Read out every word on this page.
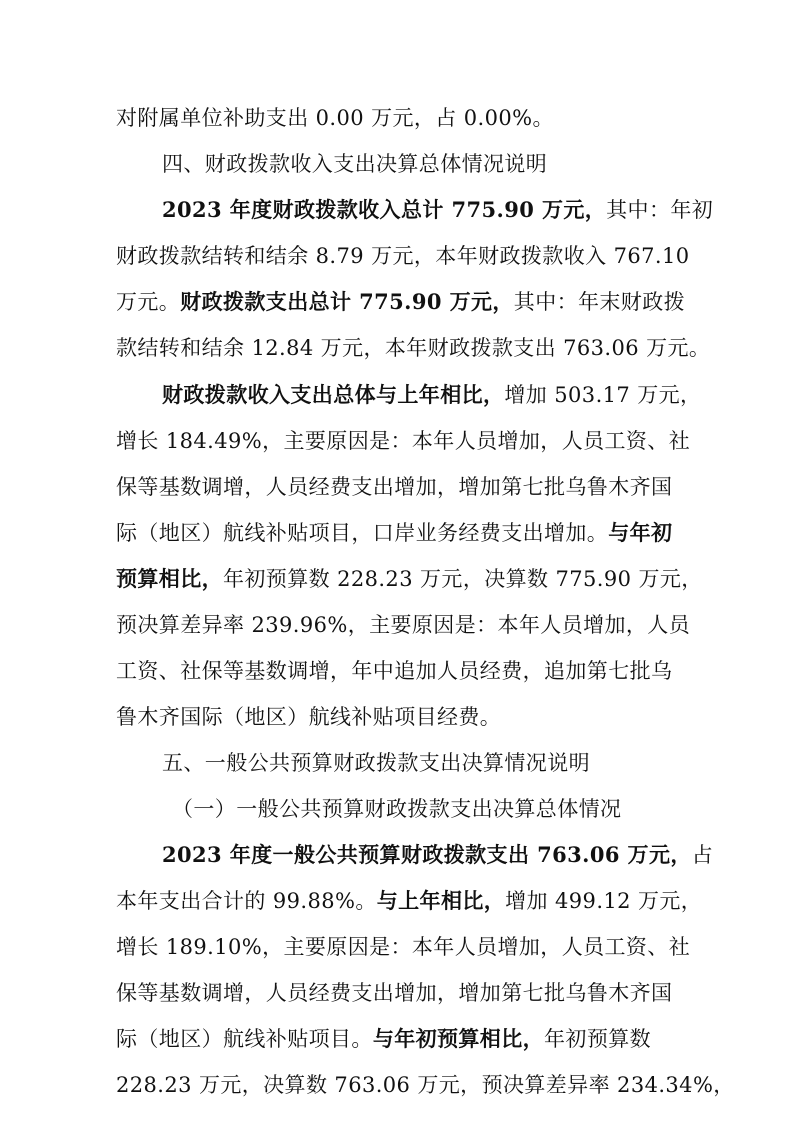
对附属单位补助支出 0.00 万元，占 0.00%。
四、财政拨款收入支出决算总体情况说明
2023 年度财政拨款收入总计 775.90 万元，其中：年初
财政拨款结转和结余 8.79 万元，本年财政拨款收入 767.10
万元。财政拨款支出总计 775.90 万元，其中：年末财政拨
款结转和结余 12.84 万元，本年财政拨款支出 763.06 万元。
财政拨款收入支出总体与上年相比，增加 503.17 万元，
增长 184.49%，主要原因是：本年人员增加，人员工资、社
保等基数调增，人员经费支出增加，增加第七批乌鲁木齐国
际（地区）航线补贴项目，口岸业务经费支出增加。与年初
预算相比，年初预算数 228.23 万元，决算数 775.90 万元，
预决算差异率 239.96%，主要原因是：本年人员增加，人员
工资、社保等基数调增，年中追加人员经费，追加第七批乌
鲁木齐国际（地区）航线补贴项目经费。
五、一般公共预算财政拨款支出决算情况说明
（一）一般公共预算财政拨款支出决算总体情况
2023 年度一般公共预算财政拨款支出 763.06 万元，占
本年支出合计的 99.88%。与上年相比，增加 499.12 万元，
增长 189.10%，主要原因是：本年人员增加，人员工资、社
保等基数调增，人员经费支出增加，增加第七批乌鲁木齐国
际（地区）航线补贴项目。与年初预算相比，年初预算数
228.23 万元，决算数 763.06 万元，预决算差异率 234.34%，
